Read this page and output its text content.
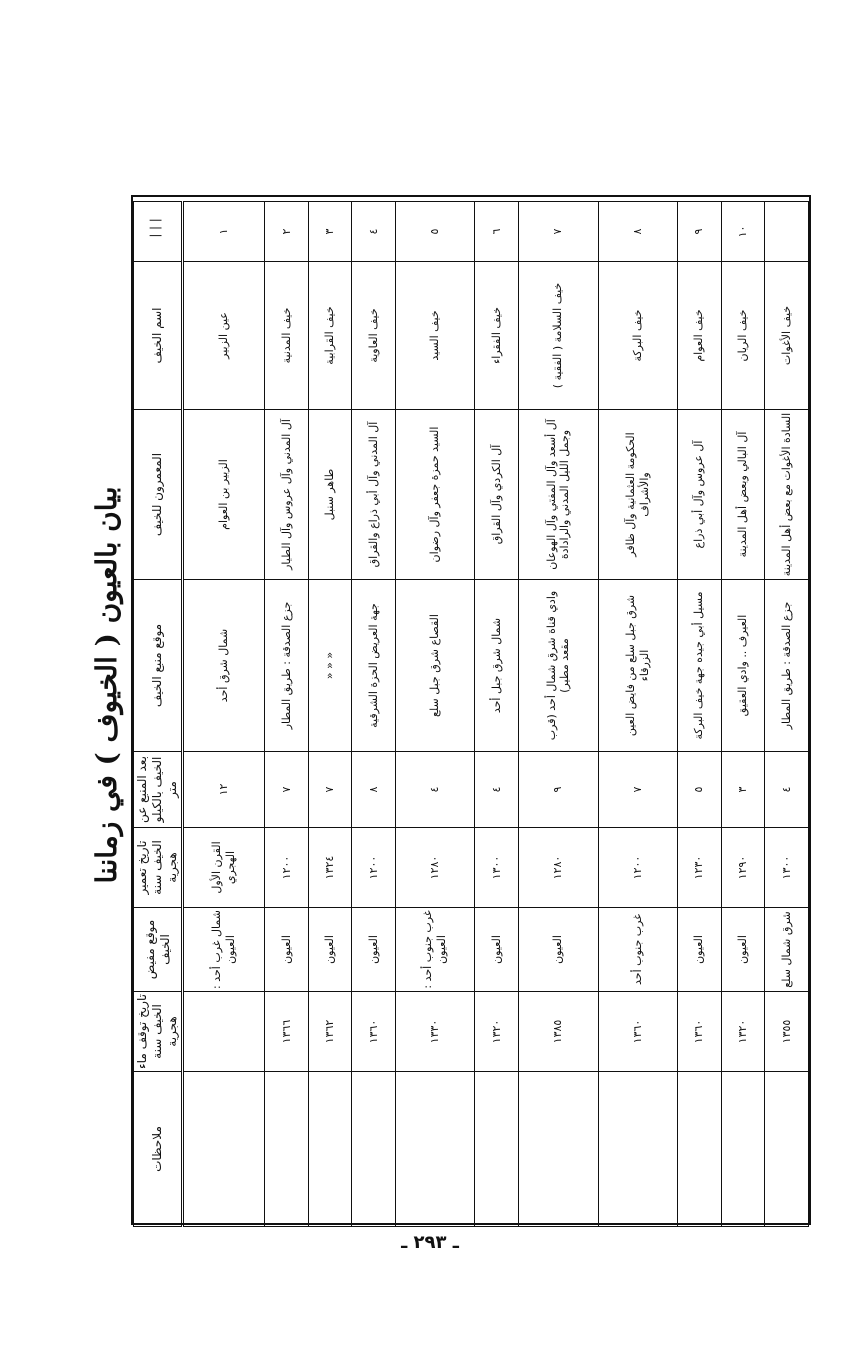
بيان بالعيون ( الخيوف ) في زماننا
▕▕▕	اسم الخيف	المعمرون للخيف	موقع منبع الخيف	بعد المنبع عن الخيف بالكيلو متر	تاريخ تعمير الخيف سنة هجرية	موقع مفيض الخيف	تاريخ توقف ماء الخيف سنة هجرية	ملاحظات
١	عين الزبير	الزبير بن العوام	شمال شرق أحد	١٢	القرن الأول الهجري	شمال غرب أحد : العيون		
٢	خيف المدنية	آل المدني وآل عروس وآل الطيار	جزع الصدقة : طريق المطار	٧	١٢٠٠	العيون	١٣٦٦	
٣	خيف القرابية	طاهر سنبل	« « «	٧	١٣٢٤	العيون	١٣٦٢	
٤	خيف العاوية	آل المدني وآل أبي ذراع والقراق	جهة العريض الحزة الشرقية	٨	١٢٠٠	العيون	١٣٦٠	
٥	خيف السيد	السيد حمزة جعفر وآل رضوان	القصاع شرق جبل سلع	٤	١٢٨٠	غرب جنوب أحد : العيون	١٣٣٠	
٦	خيف الفقراء	آل الكردي وآل القراق	شمال شرق جبل أحد	٤	١٣٠٠	العيون	١٣٢٠	
٧	خيف السلامة ( الفقية )	آل أسعد وآل المفتي وآل الهوعان وجمل الليل المدني والرادادة	وادي قناة شرق شمال أحد (قرب مقعد مطير)	٩	١٢٨٠	العيون	١٣٨٥	
٨	خيف البركة	الحكومة العثمانية وآل ظافر والأشراف	شرق جبل سلع من فايض العين الزرقاء	٧	١٢٠٠	غرب جنوب أحد	١٣٦٠	
٩	خيف العوام	آل عروس وآل أبي ذراع	مسيل أبي جيده جهة خيف البركة	٥	١٢٣٠	العيون	١٣٦٠	
١٠	خيف الريان	آل البالي وبعض أهل المدينة	العيرف .. وادي العقيق	٣	١٢٩٠	العيون	١٣٢٠	
	خيف الأغوات	السادة الأغوات مع بعض أهل المدينة	جزع الصدقة : طريق المطار	٤	١٣٠٠	شرق شمال سلع	١٣٥٥	
ـ ٢٩٣ ـ
